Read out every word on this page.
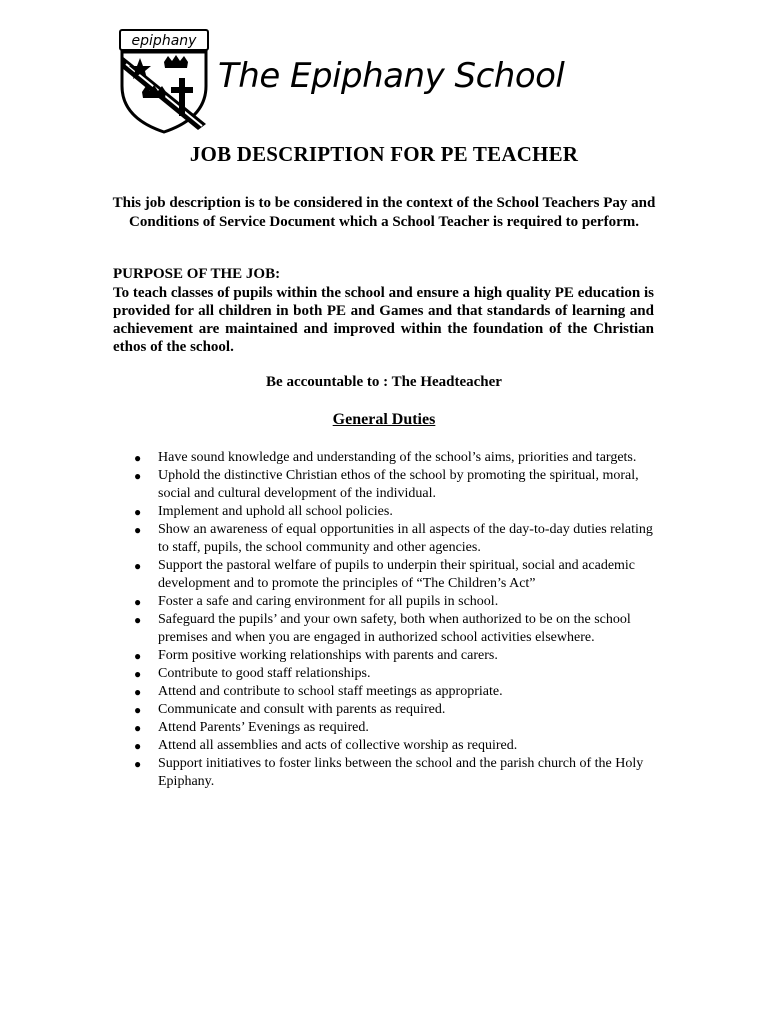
epiphany
The Epiphany School
JOB DESCRIPTION FOR PE TEACHER
This job description is to be considered in the context of the School Teachers Pay and Conditions of Service Document which a School Teacher is required to perform.
PURPOSE OF THE JOB:
To teach classes of pupils within the school and ensure a high quality PE education is provided for all children in both PE and Games and that standards of learning and achievement are maintained and improved within the foundation of the Christian ethos of the school.
Be accountable to : The Headteacher
General Duties
● Have sound knowledge and understanding of the school’s aims, priorities and targets.
● Uphold the distinctive Christian ethos of the school by promoting the spiritual, moral, social and cultural development of the individual.
● Implement and uphold all school policies.
● Show an awareness of equal opportunities in all aspects of the day-to-day duties relating to staff, pupils, the school community and other agencies.
● Support the pastoral welfare of pupils to underpin their spiritual, social and academic development and to promote the principles of “The Children’s Act”
● Foster a safe and caring environment for all pupils in school.
● Safeguard the pupils’ and your own safety, both when authorized to be on the school premises and when you are engaged in authorized school activities elsewhere.
● Form positive working relationships with parents and carers.
● Contribute to good staff relationships.
● Attend and contribute to school staff meetings as appropriate.
● Communicate and consult with parents as required.
● Attend Parents’ Evenings as required.
● Attend all assemblies and acts of collective worship as required.
● Support initiatives to foster links between the school and the parish church of the Holy Epiphany.
